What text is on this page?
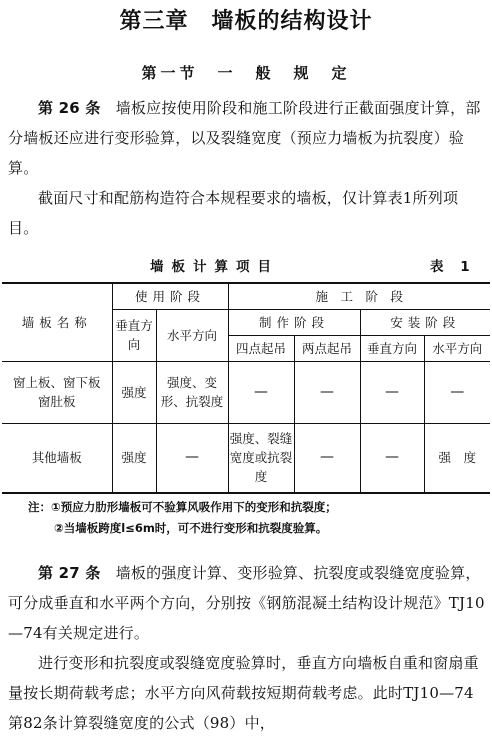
第三章　墙板的结构设计
第一节　一　般　规　定

第 26 条　 墙板应按使用阶段和施工阶段进行正截面强度计算，部分墙板还应进行变形验算，以及裂缝宽度（预应力墙板为抗裂度）验算。

截面尺寸和配筋构造符合本规程要求的墙板，仅计算表1所列项目。

墙板计算项目	表 1
墙板名称	使用阶段		施　工　阶　段			
	垂直方向	水平方向	制作阶段		安装阶段	
			四点起吊	两点起吊	垂直方向	水平方向
窗上板、窗下板　窗肚板	强度	强度、变形、抗裂度	—	—	—	—
其他墙板	强度	—	强度、裂缝宽度或抗裂度	—	—	强　度
注：①预应力肋形墙板可不验算风吸作用下的变形和抗裂度；
②当墙板跨度l≤6m时，可不进行变形和抗裂度验算。

第 27 条　 墙板的强度计算、变形验算、抗裂度或裂缝宽度验算，可分成垂直和水平两个方向，分别按《钢筋混凝土结构设计规范》TJ10—74有关规定进行。

进行变形和抗裂度或裂缝宽度验算时，垂直方向墙板自重和窗扇重量按长期荷载考虑；水平方向风荷载按短期荷载考虑。此时TJ10—74第82条计算裂缝宽度的公式（98）中，
